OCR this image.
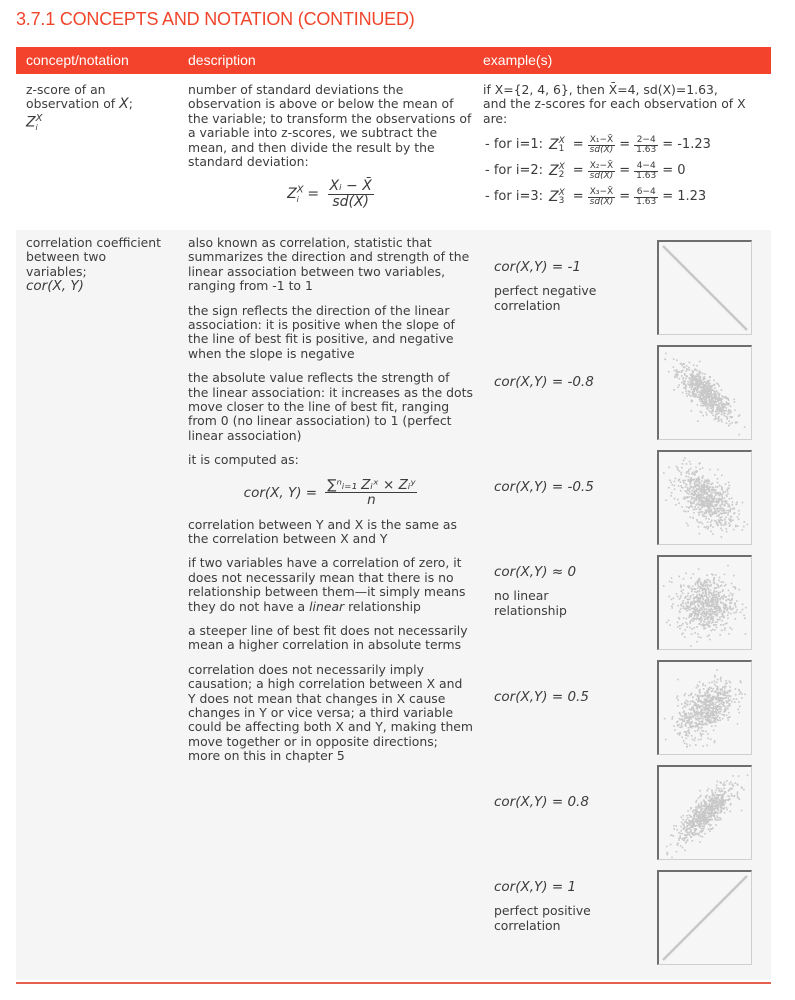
3.7.1 CONCEPTS AND NOTATION (CONTINUED)
concept/notation	description	example(s)
z-score of an
observation of X;
$Z^X_i$
number of standard deviations the observation is above or below the mean of the variable; to transform the observations of a variable into z-scores, we subtract the mean, and then divide the result by the standard deviation:
$Z^X_i = \frac{\text{Xᵢ − X̄}}{sd(X)}$
if X={2, 4, 6}, then X̄=4, sd(X)=1.63,
and the z-scores for each observation of X
are:
- for i=1: Z X
$1 = \frac{\text{X₁−X̄}}{sd(X)} = \frac{2-4}{1.63} = -1.23$
- for i=2: Z X
$2 = \frac{\text{X₂−X̄}}{sd(X)} = \frac{4-4}{1.63} = 0$
- for i=3: Z X
$3 = \frac{\text{X₃−X̄}}{sd(X)} = \frac{6-4}{1.63} = 1.23$
correlation coefficient
between two
variables;
cor(X, Y)
also known as correlation, statistic that summarizes the direction and strength of the linear association between two variables, ranging from -1 to 1
the sign reflects the direction of the linear association: it is positive when the slope of the line of best fit is positive, and negative when the slope is negative
the absolute value reflects the strength of the linear association: it increases as the dots move closer to the line of best fit, ranging from 0 (no linear association) to 1 (perfect linear association)
it is computed as:
cor(X, $Y) = \frac{\text{∑ⁿᵢ₌₁ Zᵢˣ × Zᵢʸ}}{n}$
correlation between Y and X is the same as the correlation between X and Y
if two variables have a correlation of zero, it does not necessarily mean that there is no relationship between them—it simply means they do not have a linear relationship
a steeper line of best fit does not necessarily mean a higher correlation in absolute terms
correlation does not necessarily imply causation; a high correlation between X and Y does not mean that changes in X cause changes in Y or vice versa; a third variable could be affecting both X and Y, making them move together or in opposite directions; more on this in chapter 5
cor(X,Y) = -1
perfect negative correlation
cor(X,Y) = -0.8
cor(X,Y) = -0.5
cor(X,Y) ≈ 0
no linear relationship
cor(X,Y) = 0.5
cor(X,Y) = 0.8
cor(X,Y) = 1
perfect positive correlation
